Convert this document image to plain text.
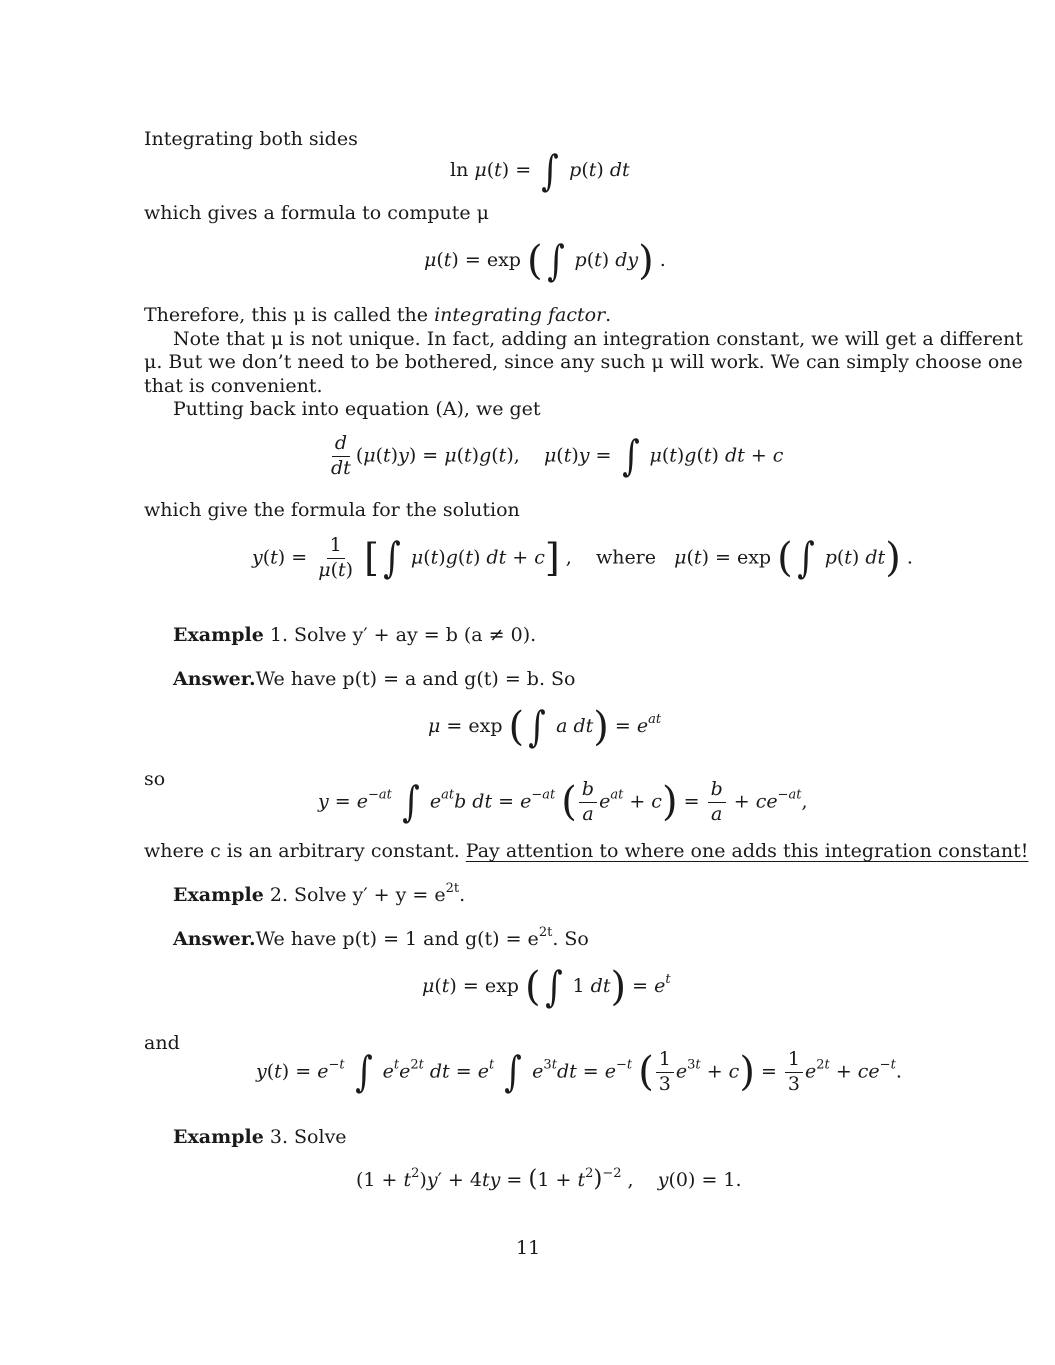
Integrating both sides
ln μ(t) = ∫ p(t) dt
which gives a formula to compute μ
μ(t) = exp (∫ p(t) dy) .
Therefore, this μ is called the integrating factor.
Note that μ is not unique. In fact, adding an integration constant, we will get a different
μ. But we don’t need to be bothered, since any such μ will work. We can simply choose one
that is convenient.
Putting back into equation (A), we get
$\frac{d}{dt} (\mu(t)y) = \mu(t)g(t)$,    μ(t)y = ∫ μ(t)g(t) dt + c
which give the formula for the solution
$y(t) = \frac{1}{\mu(t)}$ [∫ μ(t)g(t) dt + c] ,    where   μ(t) = exp (∫ p(t) dt) .
Example 1. Solve y′ + ay = b (a ≠ 0).
Answer.We have p(t) = a and g(t) = b. So
μ = exp (∫ a $dt) = e^{at}$
so
$y = e^{-at}$ ∫ $e^{at}b$ dt = $e^{-at}$ ( $\frac{b}{a} e^{at} + c) = \frac{b}{a} + ce^{-at}$,
where c is an arbitrary constant. Pay attention to where one adds this integration constant!
Example 2. Solve $y' + y = e^{2t}$.
Answer.We have p(t) = 1 and $g(t) = e^{2t}$. So
μ(t) = exp (∫ 1 $dt) = e^t$
and
$y(t) = e^{-t}$ ∫ $e^te^{2t}$ dt = $e^t$ ∫ $e^{3t}dt = e^{-t}$ ( $\frac{1}{3} e^{3t} + c) = \frac{1}{3} e^{2t} + ce^{-t}$.
Example 3. Solve
$(1 + t^2)y' + 4ty = (1 + t^2)^{-2}$ ,    y(0) = 1.
11
